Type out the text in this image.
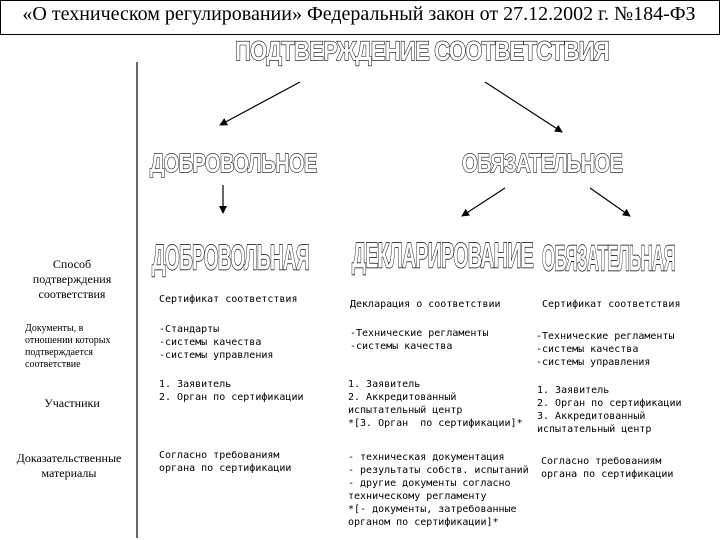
«О техническом регулировании» Федеральный закон от 27.12.2002 г. №184-ФЗ
ПОДТВЕРЖДЕНИЕ СООТВЕТСТВИЯ
ДОБРОВОЛЬНОЕ	ОБЯЗАТЕЛЬНОЕ
ДОБРОВОЛЬНАЯ ДЕКЛАРИРОВАНИЕ ОБЯЗАТЕЛЬНАЯ
Способ
подтверждения
соответствия
Документы, в
отношении которых
подтверждается
соответствие
Участники
Доказательственные
материалы
Сертификат соответствия
-Стандарты
-системы качества
-системы управления
1. Заявитель
2. Орган по сертификации
Согласно требованиям
органа по сертификации
Декларация о соответствии
-Технические регламенты
-системы качества
1. Заявитель
2. Аккредитованный
испытательный центр
*[3. Орган  по сертификации]*
- техническая документация
- результаты собств. испытаний
- другие документы согласно
техническому регламенту
*[- документы, затребованные
органом по сертификации]*
Сертификат соответствия
-Технические регламенты
-системы качества
-системы управления
1. Заявитель
2. Орган по сертификации
3. Аккредитованный
испытательный центр
Согласно требованиям
органа по сертификации
